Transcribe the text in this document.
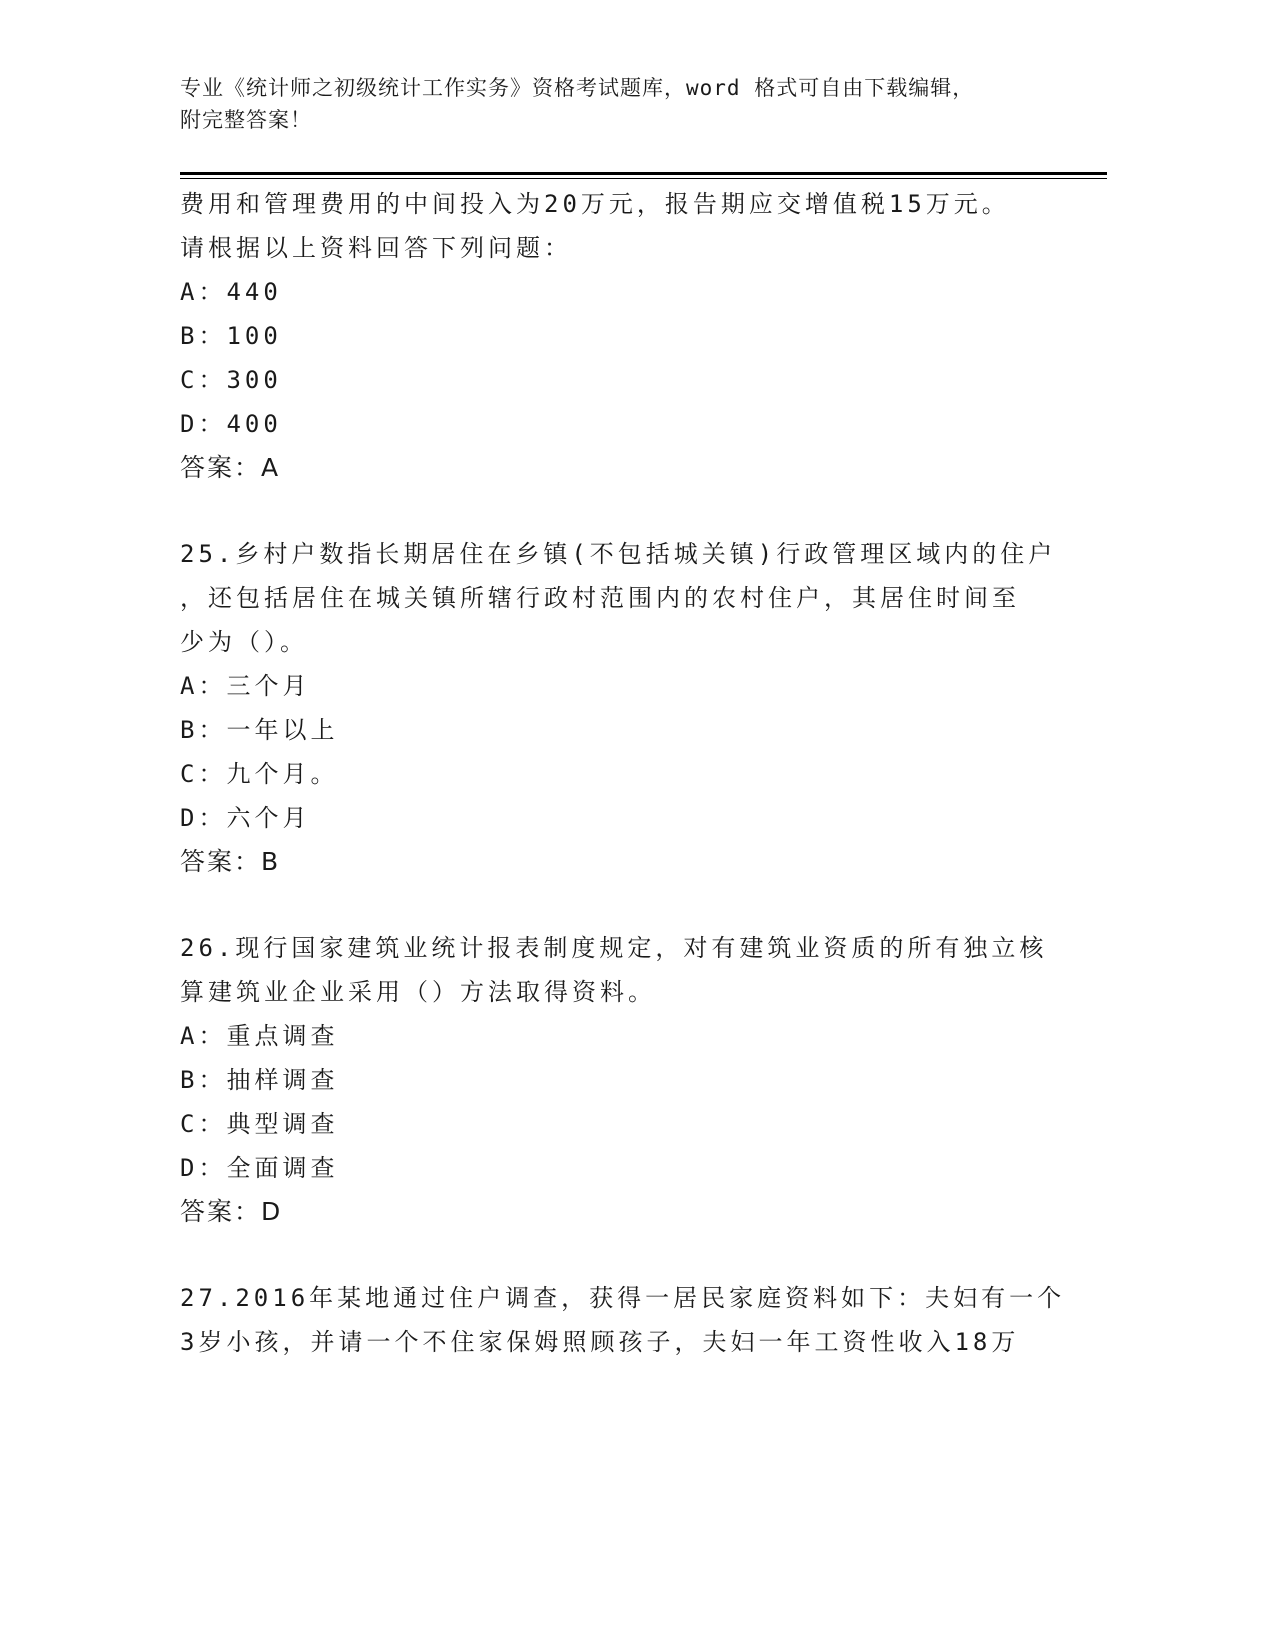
专业《统计师之初级统计工作实务》资格考试题库，word 格式可自由下载编辑，
附完整答案！
费用和管理费用的中间投入为20万元，报告期应交增值税15万元。
请根据以上资料回答下列问题：
A：440
B：100
C：300
D：400
答案：A
25.乡村户数指长期居住在乡镇(不包括城关镇)行政管理区域内的住户
，还包括居住在城关镇所辖行政村范围内的农村住户，其居住时间至
少为（）。
A：三个月
B：一年以上
C：九个月。
D：六个月
答案：B
26.现行国家建筑业统计报表制度规定，对有建筑业资质的所有独立核
算建筑业企业采用（）方法取得资料。
A：重点调查
B：抽样调查
C：典型调查
D：全面调查
答案：D
27.2016年某地通过住户调查，获得一居民家庭资料如下：夫妇有一个
3岁小孩，并请一个不住家保姆照顾孩子，夫妇一年工资性收入18万
